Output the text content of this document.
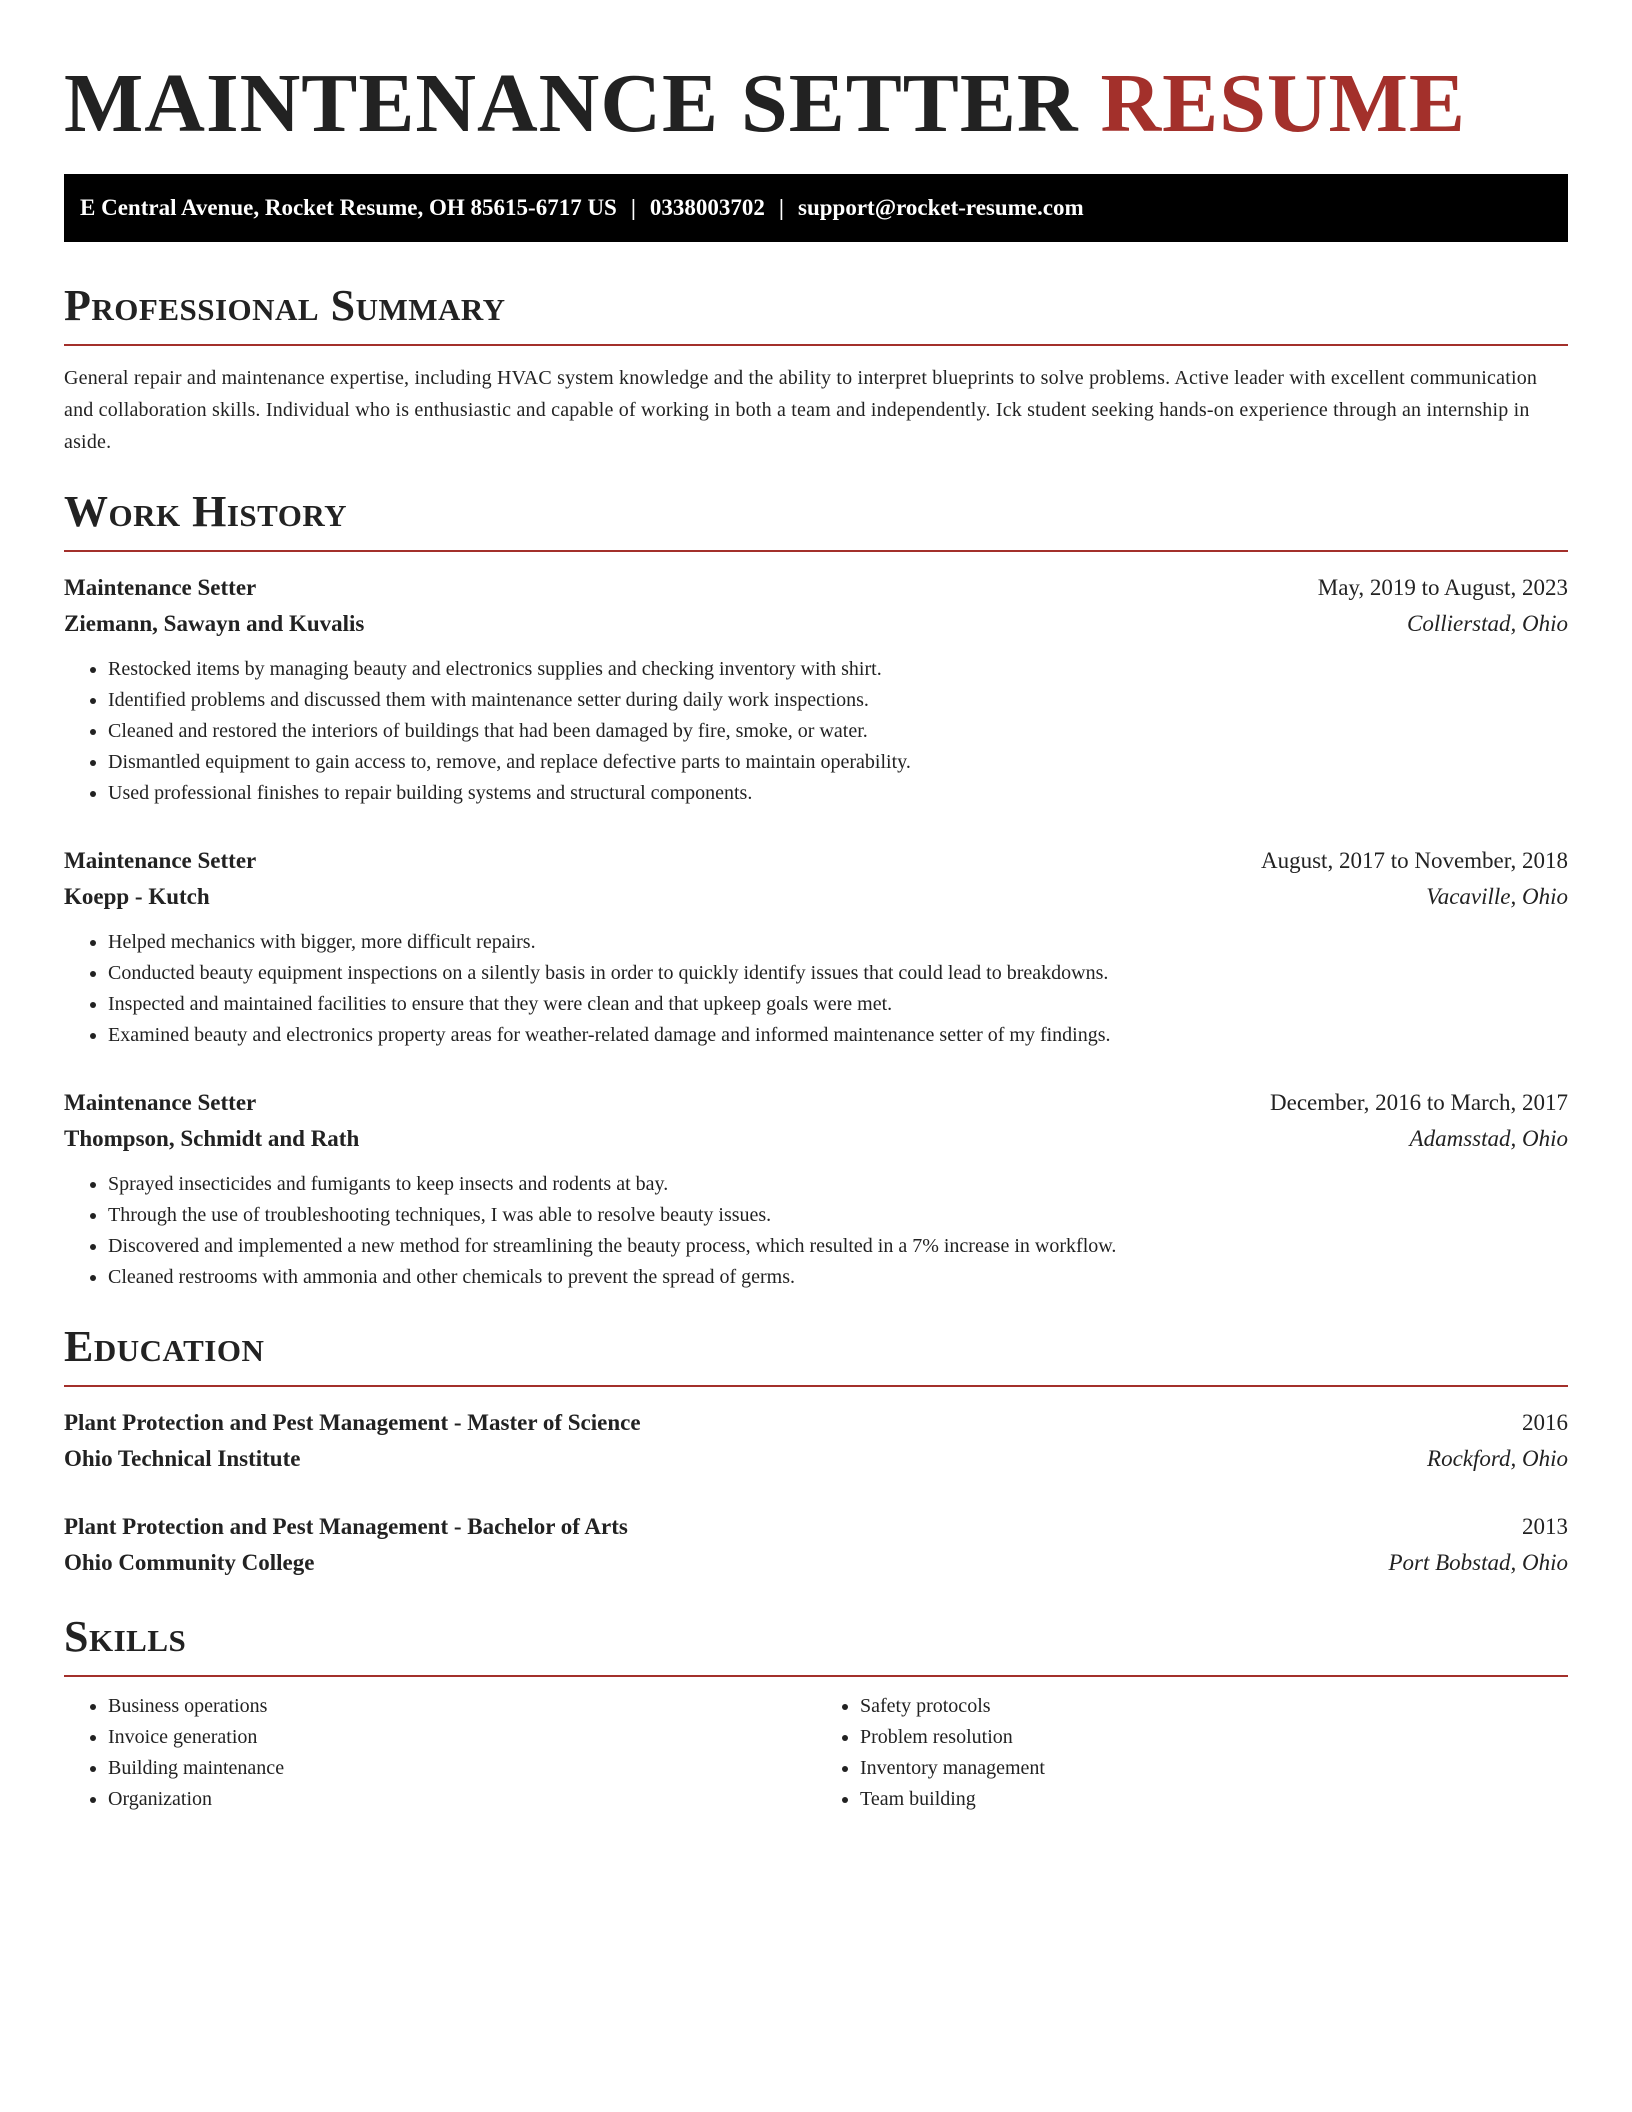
MAINTENANCE SETTER RESUME
E Central Avenue, Rocket Resume, OH 85615-6717 US | 0338003702 | support@rocket-resume.com
Professional Summary

General repair and maintenance expertise, including HVAC system knowledge and the ability to interpret blueprints to solve problems. Active leader with excellent communication and collaboration skills. Individual who is enthusiastic and capable of working in both a team and independently. Ick student seeking hands-on experience through an internship in aside.

Work History
Maintenance Setter	May, 2019 to August, 2023
Ziemann, Sawayn and Kuvalis	Collierstad, Ohio
• Restocked items by managing beauty and electronics supplies and checking inventory with shirt.
• Identified problems and discussed them with maintenance setter during daily work inspections.
• Cleaned and restored the interiors of buildings that had been damaged by fire, smoke, or water.
• Dismantled equipment to gain access to, remove, and replace defective parts to maintain operability.
• Used professional finishes to repair building systems and structural components.
Maintenance Setter	August, 2017 to November, 2018
Koepp - Kutch	Vacaville, Ohio
• Helped mechanics with bigger, more difficult repairs.
• Conducted beauty equipment inspections on a silently basis in order to quickly identify issues that could lead to breakdowns.
• Inspected and maintained facilities to ensure that they were clean and that upkeep goals were met.
• Examined beauty and electronics property areas for weather-related damage and informed maintenance setter of my findings.
Maintenance Setter	December, 2016 to March, 2017
Thompson, Schmidt and Rath	Adamsstad, Ohio
• Sprayed insecticides and fumigants to keep insects and rodents at bay.
• Through the use of troubleshooting techniques, I was able to resolve beauty issues.
• Discovered and implemented a new method for streamlining the beauty process, which resulted in a 7% increase in workflow.
• Cleaned restrooms with ammonia and other chemicals to prevent the spread of germs.
Education
Plant Protection and Pest Management - Master of Science	2016
Ohio Technical Institute	Rockford, Ohio
Plant Protection and Pest Management - Bachelor of Arts	2013
Ohio Community College	Port Bobstad, Ohio
Skills
• Business operations
• Invoice generation
• Building maintenance
• Organization
• Safety protocols
• Problem resolution
• Inventory management
• Team building
